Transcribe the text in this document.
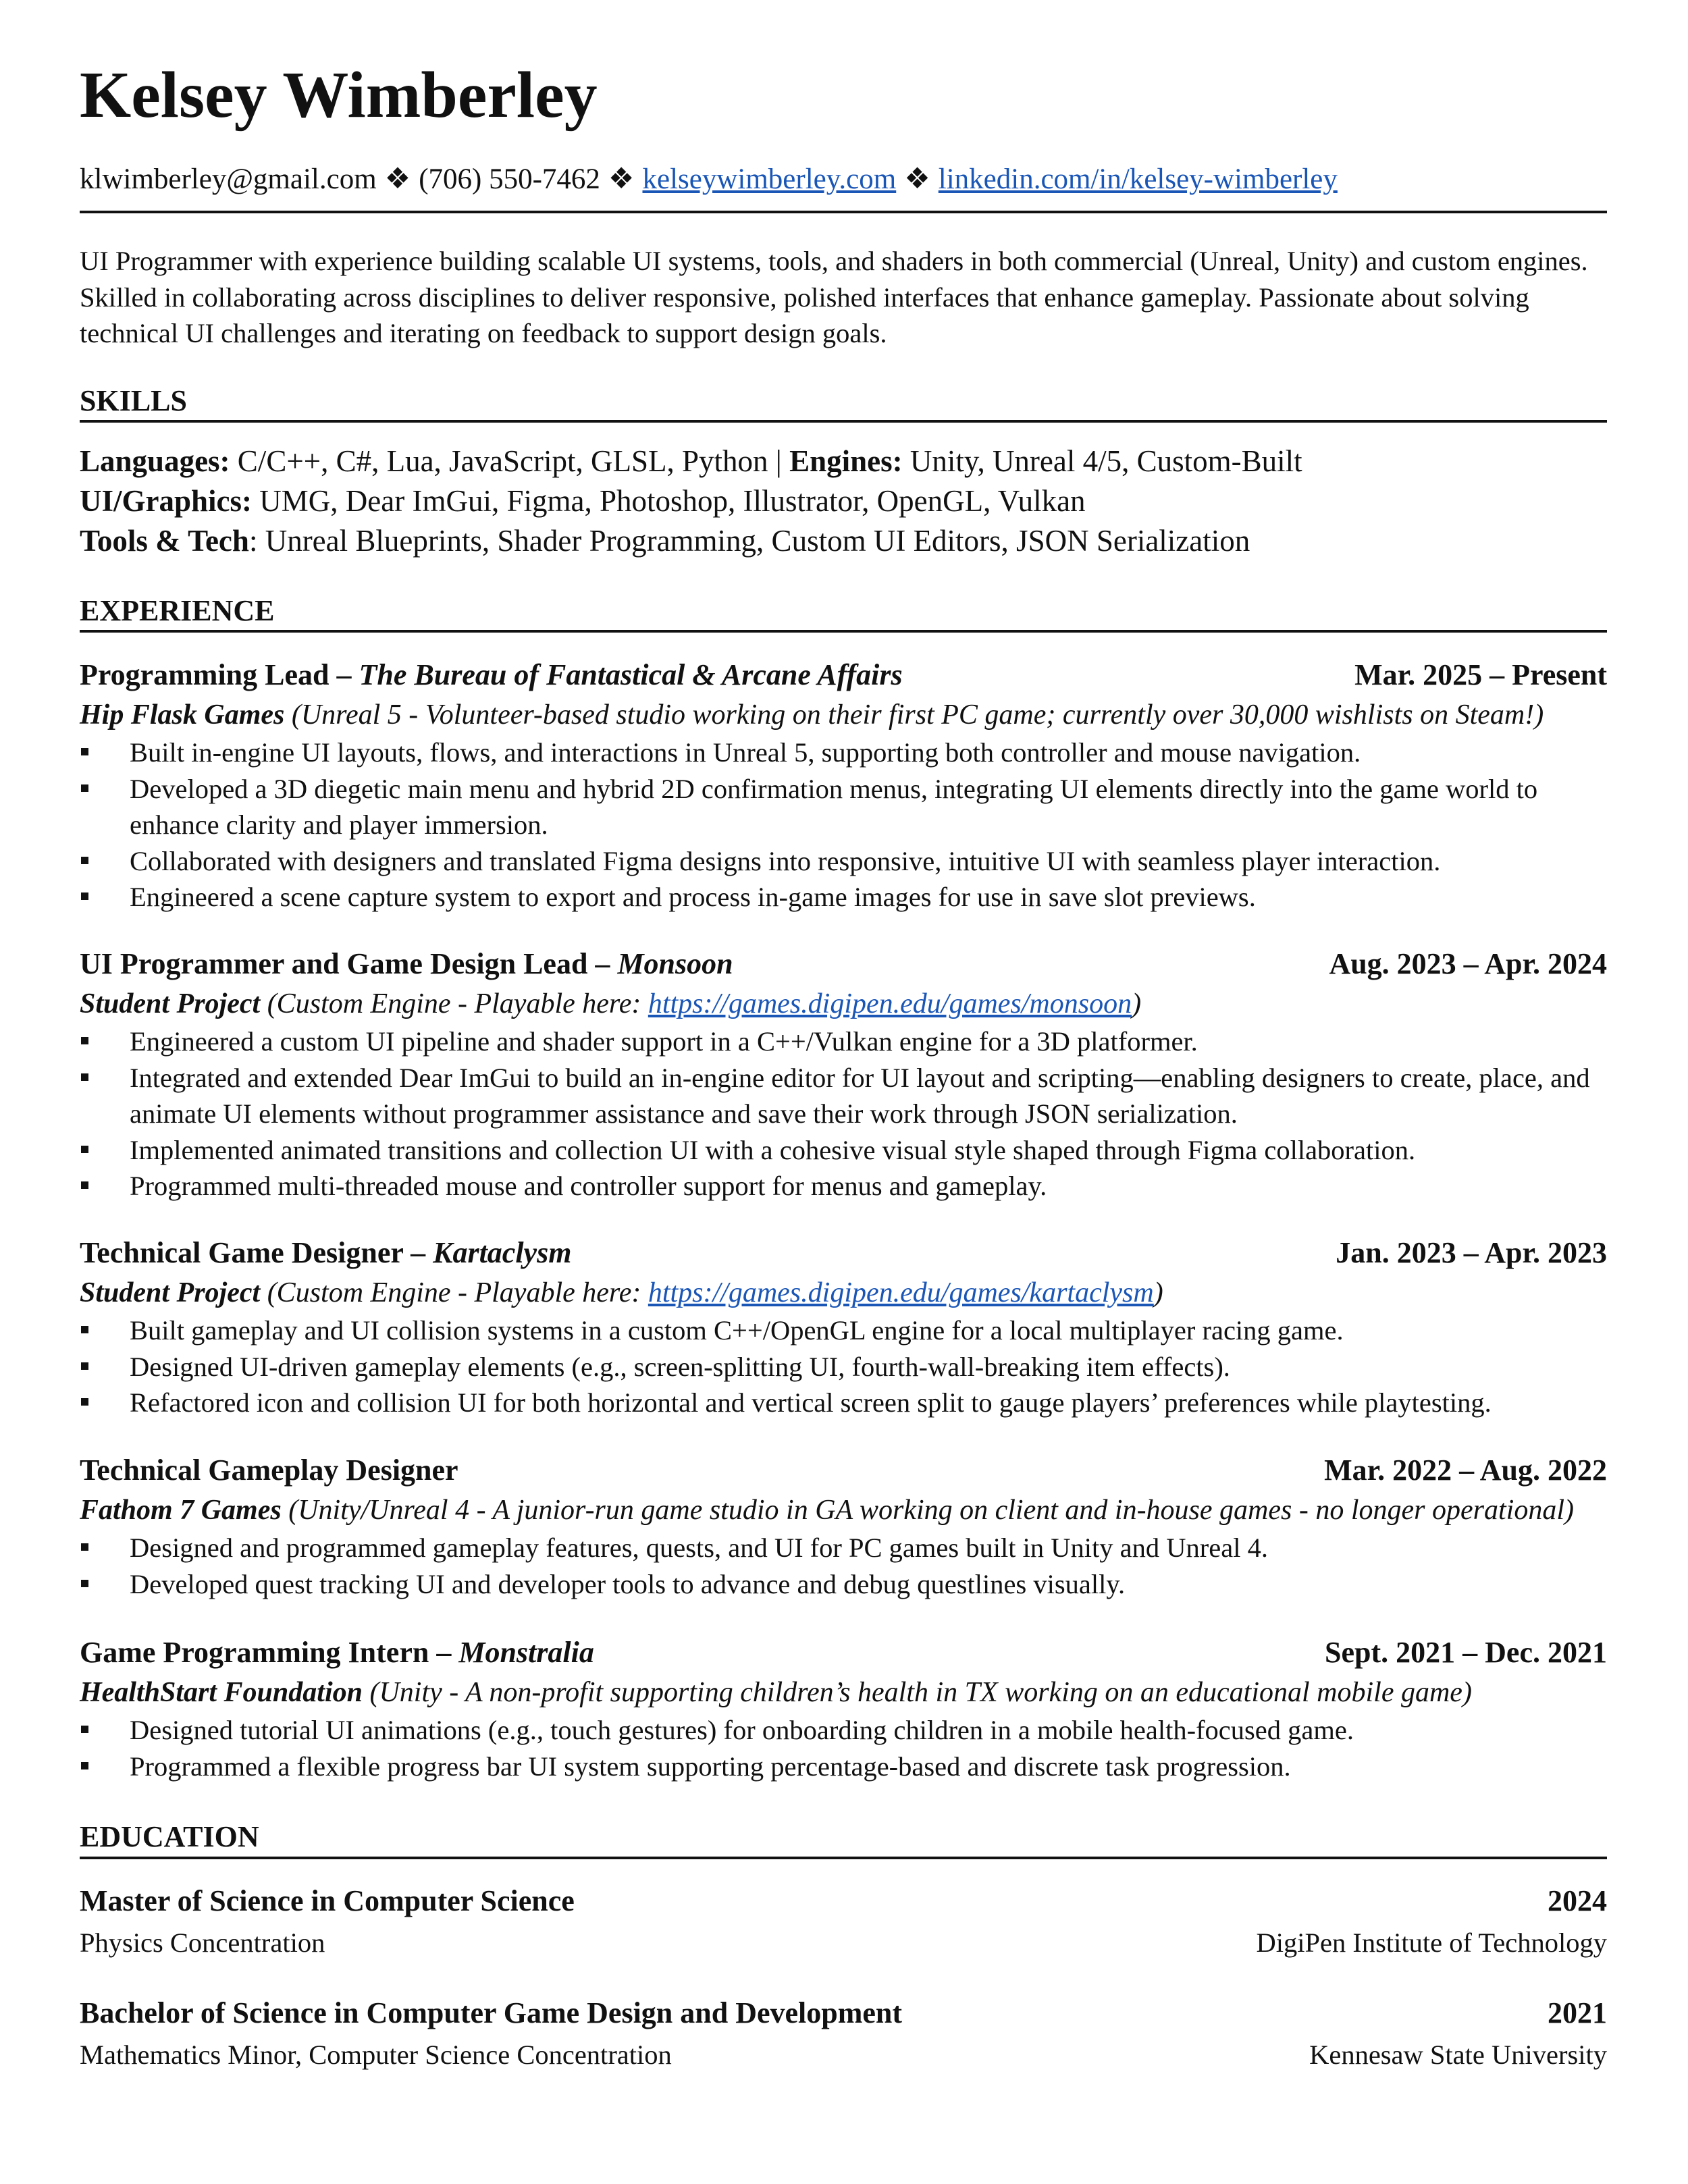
Kelsey Wimberley
klwimberley@gmail.com ❖ (706) 550-7462 ❖ kelseywimberley.com ❖ linkedin.com/in/kelsey-wimberley
UI Programmer with experience building scalable UI systems, tools, and shaders in both commercial (Unreal, Unity) and custom engines. Skilled in collaborating across disciplines to deliver responsive, polished interfaces that enhance gameplay. Passionate about solving technical UI challenges and iterating on feedback to support design goals.
SKILLS
Languages: C/C++, C#, Lua, JavaScript, GLSL, Python | Engines: Unity, Unreal 4/5, Custom-Built
UI/Graphics: UMG, Dear ImGui, Figma, Photoshop, Illustrator, OpenGL, Vulkan
Tools & Tech: Unreal Blueprints, Shader Programming, Custom UI Editors, JSON Serialization
EXPERIENCE
Programming Lead – The Bureau of Fantastical & Arcane Affairs	Mar. 2025 – Present
Hip Flask Games (Unreal 5 - Volunteer-based studio working on their first PC game; currently over 30,000 wishlists on Steam!)
Built in-engine UI layouts, flows, and interactions in Unreal 5, supporting both controller and mouse navigation.
Developed a 3D diegetic main menu and hybrid 2D confirmation menus, integrating UI elements directly into the game world to enhance clarity and player immersion.
Collaborated with designers and translated Figma designs into responsive, intuitive UI with seamless player interaction.
Engineered a scene capture system to export and process in-game images for use in save slot previews.
UI Programmer and Game Design Lead – Monsoon	Aug. 2023 – Apr. 2024
Student Project (Custom Engine - Playable here: https://games.digipen.edu/games/monsoon)
Engineered a custom UI pipeline and shader support in a C++/Vulkan engine for a 3D platformer.
Integrated and extended Dear ImGui to build an in-engine editor for UI layout and scripting—enabling designers to create, place, and animate UI elements without programmer assistance and save their work through JSON serialization.
Implemented animated transitions and collection UI with a cohesive visual style shaped through Figma collaboration.
Programmed multi-threaded mouse and controller support for menus and gameplay.
Technical Game Designer – Kartaclysm	Jan. 2023 – Apr. 2023
Student Project (Custom Engine - Playable here: https://games.digipen.edu/games/kartaclysm)
Built gameplay and UI collision systems in a custom C++/OpenGL engine for a local multiplayer racing game.
Designed UI-driven gameplay elements (e.g., screen-splitting UI, fourth-wall-breaking item effects).
Refactored icon and collision UI for both horizontal and vertical screen split to gauge players’ preferences while playtesting.
Technical Gameplay Designer	Mar. 2022 – Aug. 2022
Fathom 7 Games (Unity/Unreal 4 - A junior-run game studio in GA working on client and in-house games - no longer operational)
Designed and programmed gameplay features, quests, and UI for PC games built in Unity and Unreal 4.
Developed quest tracking UI and developer tools to advance and debug questlines visually.
Game Programming Intern – Monstralia	Sept. 2021 – Dec. 2021
HealthStart Foundation (Unity - A non-profit supporting children’s health in TX working on an educational mobile game)
Designed tutorial UI animations (e.g., touch gestures) for onboarding children in a mobile health-focused game.
Programmed a flexible progress bar UI system supporting percentage-based and discrete task progression.
EDUCATION
Master of Science in Computer Science	2024
Physics Concentration	DigiPen Institute of Technology
Bachelor of Science in Computer Game Design and Development	2021
Mathematics Minor, Computer Science Concentration	Kennesaw State University
